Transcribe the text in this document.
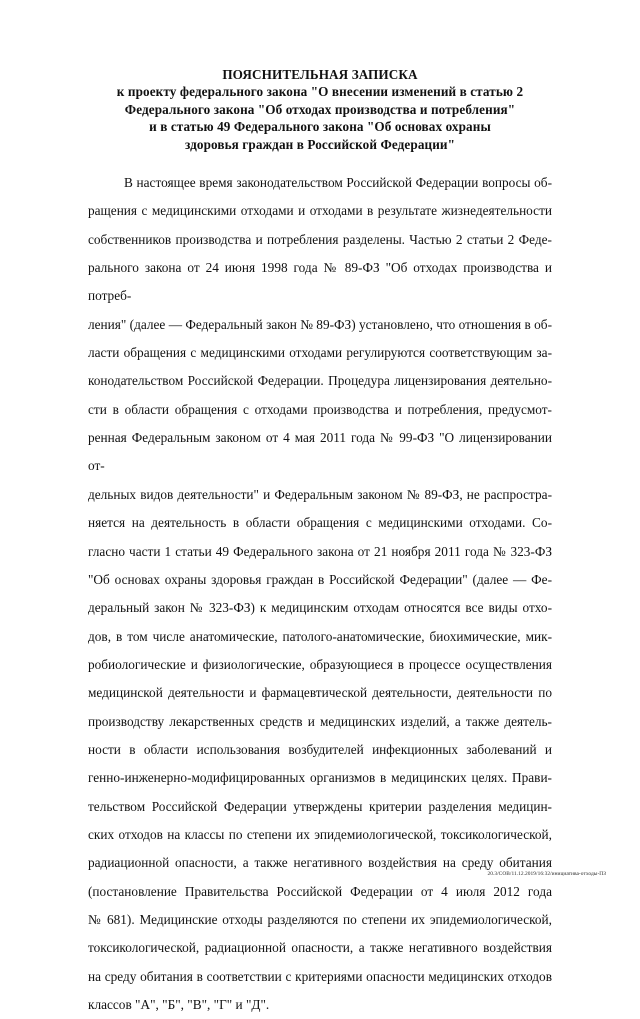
ПОЯСНИТЕЛЬНАЯ ЗАПИСКА
к проекту федерального закона "О внесении изменений в статью 2
Федерального закона "Об отходах производства и потребления"
и в статью 49 Федерального закона "Об основах охраны
здоровья граждан в Российской Федерации"
В настоящее время законодательством Российской Федерации вопросы об-
ращения с медицинскими отходами и отходами в результате жизнедеятельности
собственников производства и потребления разделены. Частью 2 статьи 2 Феде-
рального закона от 24 июня 1998 года № 89-ФЗ "Об отходах производства и потреб-
ления" (далее — Федеральный закон № 89-ФЗ) установлено, что отношения в об-
ласти обращения с медицинскими отходами регулируются соответствующим за-
конодательством Российской Федерации. Процедура лицензирования деятельно-
сти в области обращения с отходами производства и потребления, предусмот-
ренная Федеральным законом от 4 мая 2011 года № 99-ФЗ "О лицензировании от-
дельных видов деятельности" и Федеральным законом № 89-ФЗ, не распростра-
няется на деятельность в области обращения с медицинскими отходами. Со-
гласно части 1 статьи 49 Федерального закона от 21 ноября 2011 года № 323-ФЗ
"Об основах охраны здоровья граждан в Российской Федерации" (далее — Фе-
деральный закон № 323-ФЗ) к медицинским отходам относятся все виды отхо-
дов, в том числе анатомические, патолого-анатомические, биохимические, мик-
робиологические и физиологические, образующиеся в процессе осуществления
медицинской деятельности и фармацевтической деятельности, деятельности по
производству лекарственных средств и медицинских изделий, а также деятель-
ности в области использования возбудителей инфекционных заболеваний и
генно-инженерно-модифицированных организмов в медицинских целях. Прави-
тельством Российской Федерации утверждены критерии разделения медицин-
ских отходов на классы по степени их эпидемиологической, токсикологической,
радиационной опасности, а также негативного воздействия на среду обитания
(постановление Правительства Российской Федерации от 4 июля 2012 года
№ 681). Медицинские отходы разделяются по степени их эпидемиологической,
токсикологической, радиационной опасности, а также негативного воздействия
на среду обитания в соответствии с критериями опасности медицинских отходов
классов "А", "Б", "В", "Г" и "Д".
20.3/СОВ/11.12.2019/16:32/инициатива-отходы-ПЗ
